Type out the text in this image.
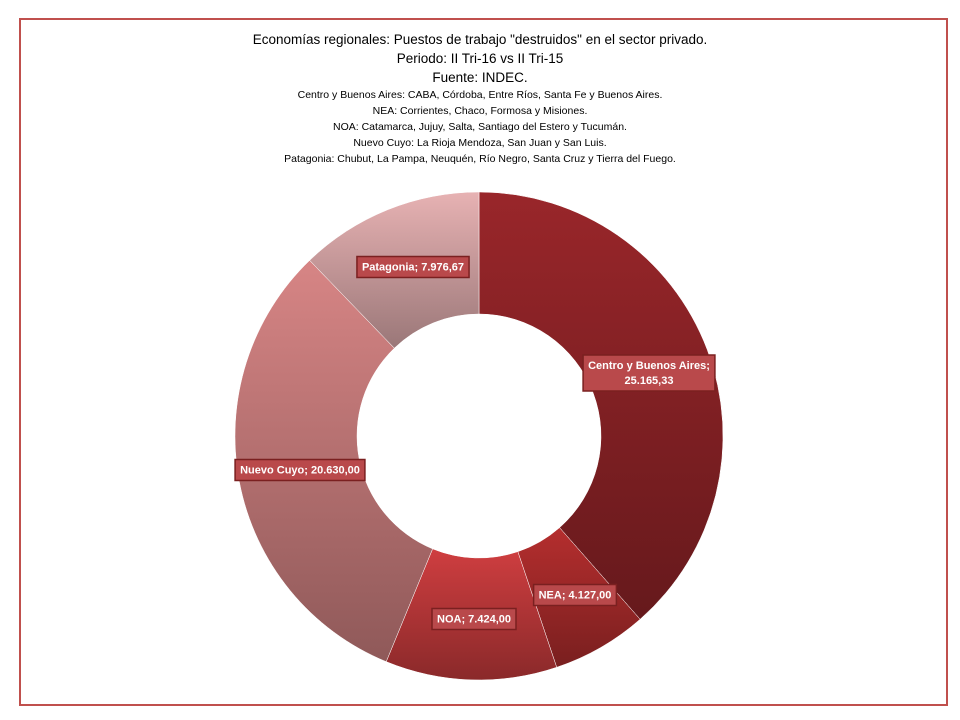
Economías regionales: Puestos de trabajo "destruidos" en el sector privado.

Periodo: II Tri-16 vs II Tri-15

Fuente: INDEC.

Centro y Buenos Aires: CABA, Córdoba, Entre Ríos, Santa Fe y Buenos Aires.

NEA: Corrientes, Chaco, Formosa y Misiones.

NOA: Catamarca, Jujuy, Salta, Santiago del Estero y Tucumán.

Nuevo Cuyo: La Rioja Mendoza, San Juan y San Luis.

Patagonia: Chubut, La Pampa, Neuquén, Río Negro, Santa Cruz y Tierra del Fuego.

Centro y Buenos Aires;
25.165,33
NEA; 4.127,00
NOA; 7.424,00
Nuevo Cuyo; 20.630,00
Patagonia; 7.976,67
